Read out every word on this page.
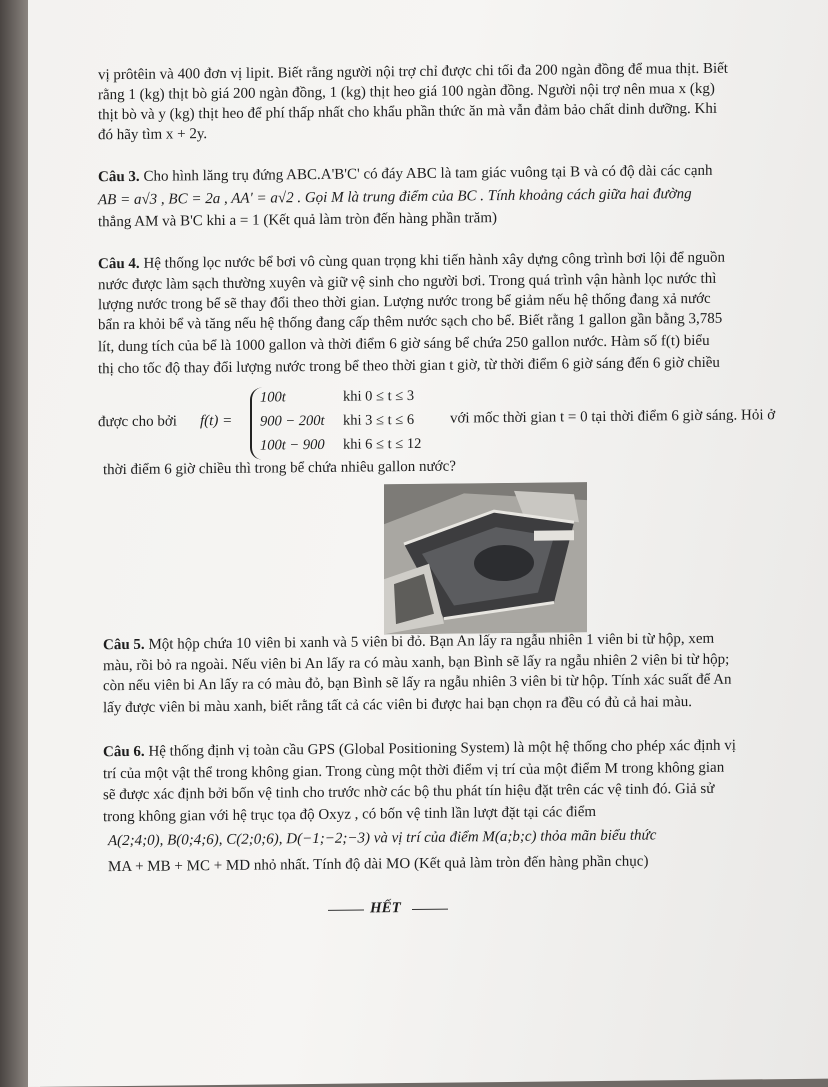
vị prôtêin và 400 đơn vị lipit. Biết rằng người nội trợ chỉ được chi tối đa 200 ngàn đồng để mua thịt. Biết
rằng 1 (kg) thịt bò giá 200 ngàn đồng, 1 (kg) thịt heo giá 100 ngàn đồng. Người nội trợ nên mua x (kg)
thịt bò và y (kg) thịt heo để phí thấp nhất cho khẩu phần thức ăn mà vẫn đảm bảo chất dinh dưỡng. Khi
đó hãy tìm x + 2y.
Câu 3. Cho hình lăng trụ đứng ABC.A'B'C' có đáy ABC là tam giác vuông tại B và có độ dài các cạnh
AB = a√3 , BC = 2a , AA' = a√2 . Gọi M là trung điểm của BC . Tính khoảng cách giữa hai đường
thẳng AM và B'C khi a = 1 (Kết quả làm tròn đến hàng phần trăm)
Câu 4. Hệ thống lọc nước bể bơi vô cùng quan trọng khi tiến hành xây dựng công trình bơi lội để nguồn
nước được làm sạch thường xuyên và giữ vệ sinh cho người bơi. Trong quá trình vận hành lọc nước thì
lượng nước trong bể sẽ thay đổi theo thời gian. Lượng nước trong bể giảm nếu hệ thống đang xả nước
bẩn ra khỏi bể và tăng nếu hệ thống đang cấp thêm nước sạch cho bể. Biết rằng 1 gallon gần bằng 3,785
lít, dung tích của bể là 1000 gallon và thời điểm 6 giờ sáng bể chứa 250 gallon nước. Hàm số f(t) biểu
thị cho tốc độ thay đổi lượng nước trong bể theo thời gian t giờ, từ thời điểm 6 giờ sáng đến 6 giờ chiều
được cho bởi f(t) =
100t	khi 0 ≤ t ≤ 3
900 − 200t khi 3 ≤ t ≤ 6
100t − 900 khi 6 ≤ t ≤ 12
với mốc thời gian t = 0 tại thời điểm 6 giờ sáng. Hỏi ở
thời điểm 6 giờ chiều thì trong bể chứa nhiêu gallon nước?
Câu 5. Một hộp chứa 10 viên bi xanh và 5 viên bi đỏ. Bạn An lấy ra ngẫu nhiên 1 viên bi từ hộp, xem
màu, rồi bỏ ra ngoài. Nếu viên bi An lấy ra có màu xanh, bạn Bình sẽ lấy ra ngẫu nhiên 2 viên bi từ hộp;
còn nếu viên bi An lấy ra có màu đỏ, bạn Bình sẽ lấy ra ngẫu nhiên 3 viên bi từ hộp. Tính xác suất để An
lấy được viên bi màu xanh, biết rằng tất cả các viên bi được hai bạn chọn ra đều có đủ cả hai màu.
Câu 6. Hệ thống định vị toàn cầu GPS (Global Positioning System) là một hệ thống cho phép xác định vị
trí của một vật thể trong không gian. Trong cùng một thời điểm vị trí của một điểm M trong không gian
sẽ được xác định bởi bốn vệ tinh cho trước nhờ các bộ thu phát tín hiệu đặt trên các vệ tinh đó. Giả sử
trong không gian với hệ trục tọa độ Oxyz , có bốn vệ tinh lần lượt đặt tại các điểm
A(2;4;0), B(0;4;6), C(2;0;6), D(−1;−2;−3) và vị trí của điểm M(a;b;c) thỏa mãn biểu thức
MA + MB + MC + MD nhỏ nhất. Tính độ dài MO (Kết quả làm tròn đến hàng phần chục)
HẾT
